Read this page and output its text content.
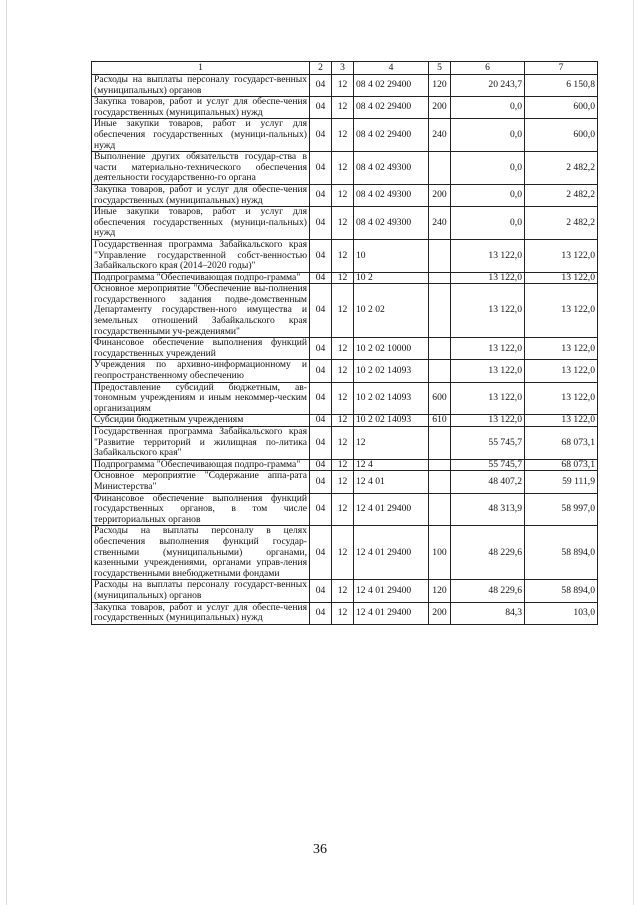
1	2	3	4	5	6	7
Расходы на выплаты персоналу государст-венных (муниципальных) органов	04	12	08 4 02 29400	120	20 243,7	6 150,8
Закупка товаров, работ и услуг для обеспе-чения государственных (муниципальных) нужд	04	12	08 4 02 29400	200	0,0	600,0
Иные закупки товаров, работ и услуг для обеспечения государственных (муници-пальных) нужд	04	12	08 4 02 29400	240	0,0	600,0
Выполнение других обязательств государ-ства в части материально-технического обеспечения деятельности государственно-го органа	04	12	08 4 02 49300		0,0	2 482,2
Закупка товаров, работ и услуг для обеспе-чения государственных (муниципальных) нужд	04	12	08 4 02 49300	200	0,0	2 482,2
Иные закупки товаров, работ и услуг для обеспечения государственных (муници-пальных) нужд	04	12	08 4 02 49300	240	0,0	2 482,2
Государственная программа Забайкальского края "Управление государственной собст-венностью Забайкальского края (2014–2020 годы)"	04	12	10		13 122,0	13 122,0
Подпрограмма "Обеспечивающая подпро-грамма"	04	12	10 2		13 122,0	13 122,0
Основное мероприятие "Обеспечение вы-полнения государственного задания подве-домственным Департаменту государствен-ного имущества и земельных отношений Забайкальского края государственными уч-реждениями"	04	12	10 2 02		13 122,0	13 122,0
Финансовое обеспечение выполнения функций государственных учреждений	04	12	10 2 02 10000		13 122,0	13 122,0
Учреждения по архивно-информационному и геопространственному обеспечению	04	12	10 2 02 14093		13 122,0	13 122,0
Предоставление субсидий бюджетным, ав-тономным учреждениям и иным некоммер-ческим организациям	04	12	10 2 02 14093	600	13 122,0	13 122,0
Субсидии бюджетным учреждениям	04	12	10 2 02 14093	610	13 122,0	13 122,0
Государственная программа Забайкальского края "Развитие территорий и жилищная по-литика Забайкальского края"	04	12	12		55 745,7	68 073,1
Подпрограмма "Обеспечивающая подпро-грамма"	04	12	12 4		55 745,7	68 073,1
Основное мероприятие "Содержание аппа-рата Министерства"	04	12	12 4 01		48 407,2	59 111,9
Финансовое обеспечение выполнения функций государственных органов, в том числе территориальных органов	04	12	12 4 01 29400		48 313,9	58 997,0
Расходы на выплаты персоналу в целях обеспечения выполнения функций государ-ственными (муниципальными) органами, казенными учреждениями, органами управ-ления государственными внебюджетными фондами	04	12	12 4 01 29400	100	48 229,6	58 894,0
Расходы на выплаты персоналу государст-венных (муниципальных) органов	04	12	12 4 01 29400	120	48 229,6	58 894,0
Закупка товаров, работ и услуг для обеспе-чения государственных (муниципальных) нужд	04	12	12 4 01 29400	200	84,3	103,0
36
